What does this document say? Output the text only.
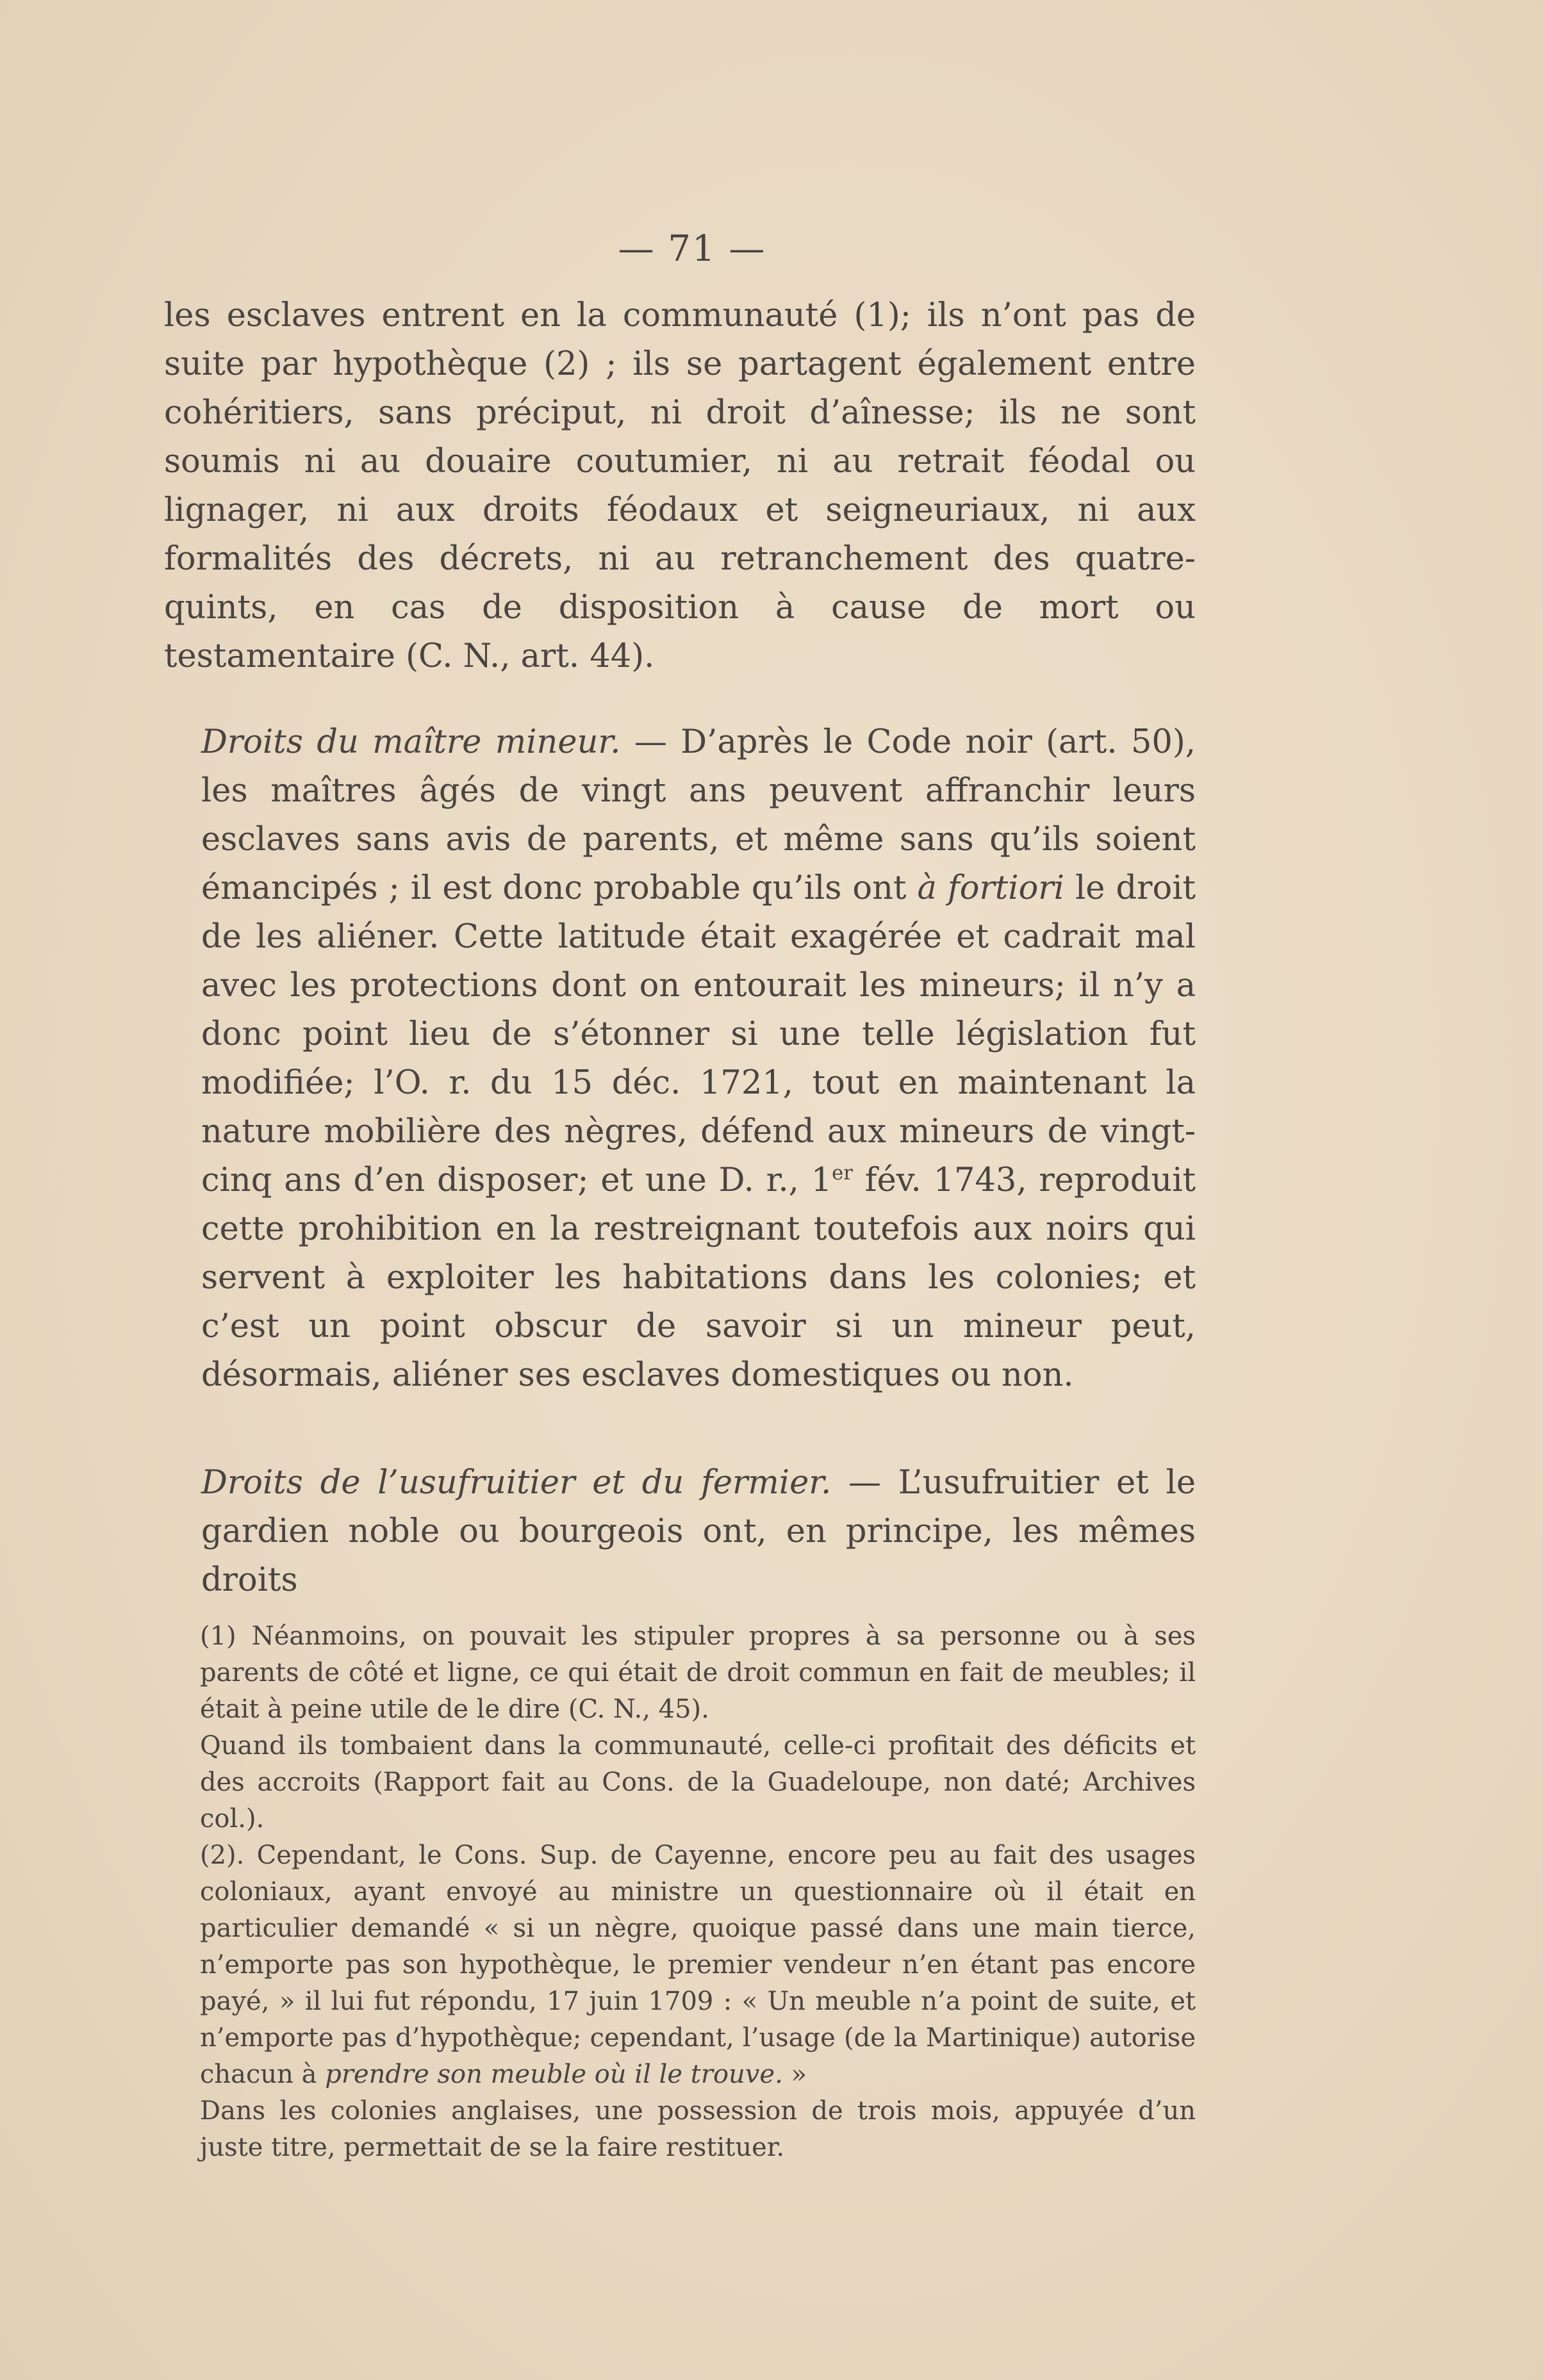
— 71 —

les esclaves entrent en la communauté (1); ils n’ont pas de suite par hypothèque (2) ; ils se partagent également entre cohéritiers, sans préciput, ni droit d’aînesse; ils ne sont soumis ni au douaire coutumier, ni au retrait féodal ou lignager, ni aux droits féodaux et seigneuriaux, ni aux formalités des décrets, ni au retranchement des quatre-quints, en cas de disposition à cause de mort ou testamentaire (C. N., art. 44).

Droits du maître mineur. — D’après le Code noir (art. 50), les maîtres âgés de vingt ans peuvent affranchir leurs esclaves sans avis de parents, et même sans qu’ils soient émancipés ; il est donc probable qu’ils ont à fortiori le droit de les aliéner. Cette latitude était exagérée et cadrait mal avec les protections dont on entourait les mineurs; il n’y a donc point lieu de s’étonner si une telle législation fut modifiée; l’O. r. du 15 déc. 1721, tout en maintenant la nature mobilière des nègres, défend aux mineurs de vingt-cinq ans d’en disposer; et une D. r., 1er fév. 1743, reproduit cette prohibition en la restreignant toutefois aux noirs qui servent à exploiter les habitations dans les colonies; et c’est un point obscur de savoir si un mineur peut, désormais, aliéner ses esclaves domestiques ou non.

Droits de l’usufruitier et du fermier. — L’usufruitier et le gardien noble ou bourgeois ont, en principe, les mêmes droits

(1) Néanmoins, on pouvait les stipuler propres à sa personne ou à ses parents de côté et ligne, ce qui était de droit commun en fait de meubles; il était à peine utile de le dire (C. N., 45).

Quand ils tombaient dans la communauté, celle-ci profitait des déficits et des accroits (Rapport fait au Cons. de la Guadeloupe, non daté; Archives col.).

(2). Cependant, le Cons. Sup. de Cayenne, encore peu au fait des usages coloniaux, ayant envoyé au ministre un questionnaire où il était en particulier demandé « si un nègre, quoique passé dans une main tierce, n’emporte pas son hypothèque, le premier vendeur n’en étant pas encore payé, » il lui fut répondu, 17 juin 1709 : « Un meuble n’a point de suite, et n’emporte pas d’hypothèque; cependant, l’usage (de la Martinique) autorise chacun à prendre son meuble où il le trouve. »

Dans les colonies anglaises, une possession de trois mois, appuyée d’un juste titre, permettait de se la faire restituer.
